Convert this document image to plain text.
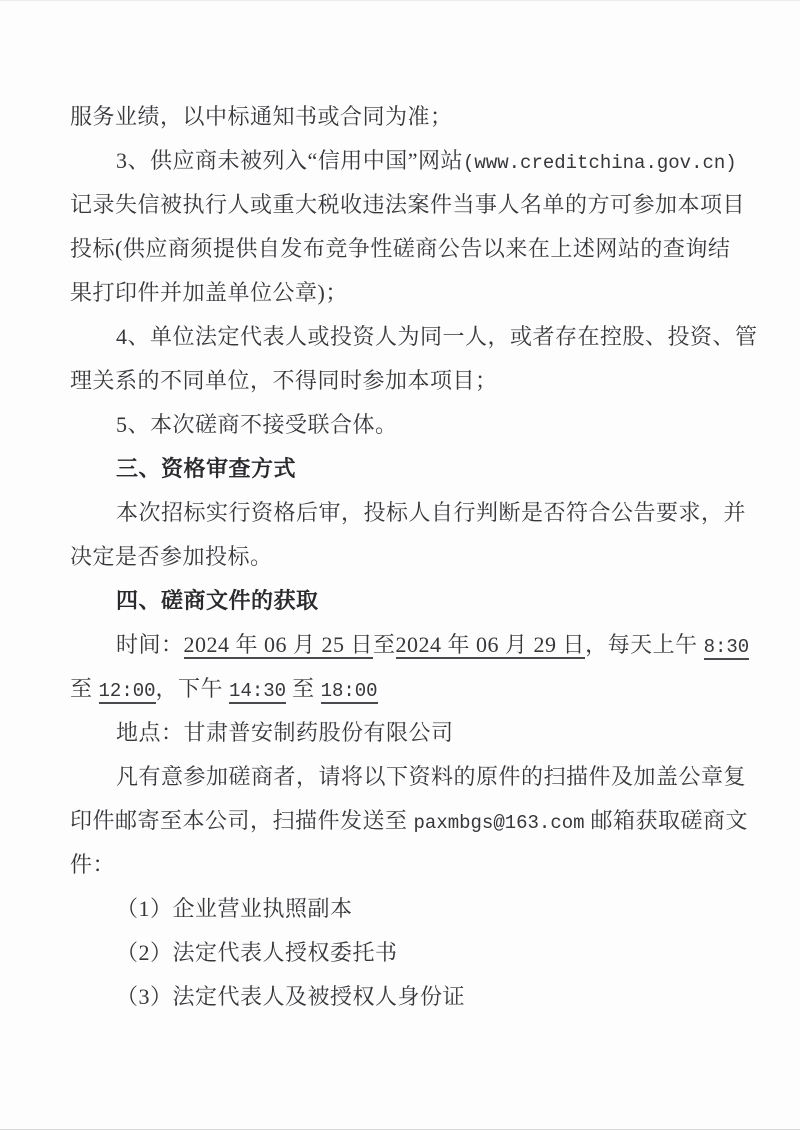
服务业绩，以中标通知书或合同为准；
3、供应商未被列入“信用中国”网站(www.creditchina.gov.cn)
记录失信被执行人或重大税收违法案件当事人名单的方可参加本项目
投标(供应商须提供自发布竞争性磋商公告以来在上述网站的查询结
果打印件并加盖单位公章)；
4、单位法定代表人或投资人为同一人，或者存在控股、投资、管
理关系的不同单位，不得同时参加本项目；
5、本次磋商不接受联合体。
三、资格审查方式
本次招标实行资格后审，投标人自行判断是否符合公告要求，并
决定是否参加投标。
四、磋商文件的获取
时间：2024 年 06 月 25 日至2024 年 06 月 29 日，每天上午 8:30
至 12:00，下午 14:30 至 18:00
地点：甘肃普安制药股份有限公司
凡有意参加磋商者，请将以下资料的原件的扫描件及加盖公章复
印件邮寄至本公司，扫描件发送至 paxmbgs@163.com 邮箱获取磋商文
件：
（1）企业营业执照副本
（2）法定代表人授权委托书
（3）法定代表人及被授权人身份证
